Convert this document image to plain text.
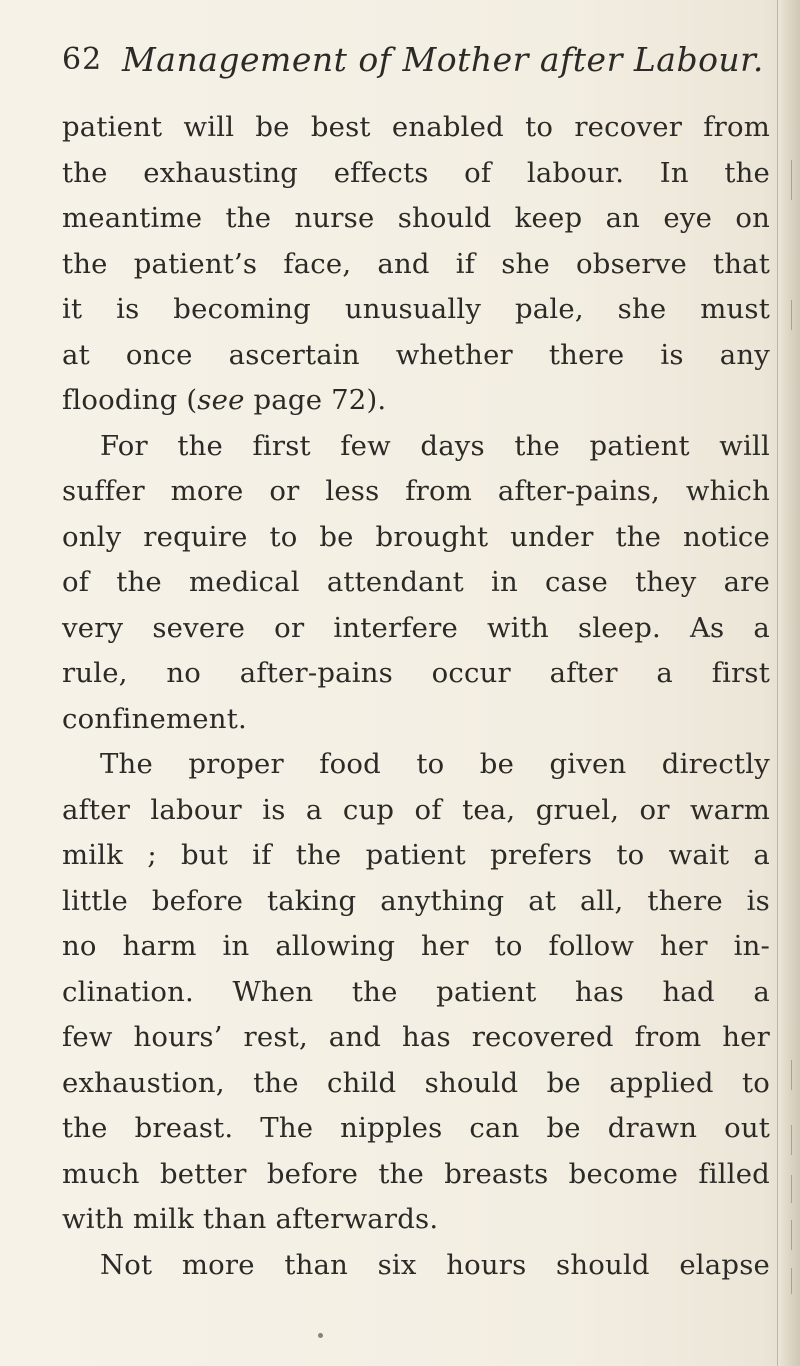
62 Management of Mother after Labour.
patient will be best enabled to recover from
the exhausting effects of labour. In the
meantime the nurse should keep an eye on
the patient’s face, and if she observe that
it is becoming unusually pale, she must
at once ascertain whether there is any
flooding (see page 72).
For the first few days the patient will
suffer more or less from after-pains, which
only require to be brought under the notice
of the medical attendant in case they are
very severe or interfere with sleep. As a
rule, no after-pains occur after a first
confinement.
The proper food to be given directly
after labour is a cup of tea, gruel, or warm
milk ; but if the patient prefers to wait a
little before taking anything at all, there is
no harm in allowing her to follow her in-
clination. When the patient has had a
few hours’ rest, and has recovered from her
exhaustion, the child should be applied to
the breast. The nipples can be drawn out
much better before the breasts become filled
with milk than afterwards.
Not more than six hours should elapse
